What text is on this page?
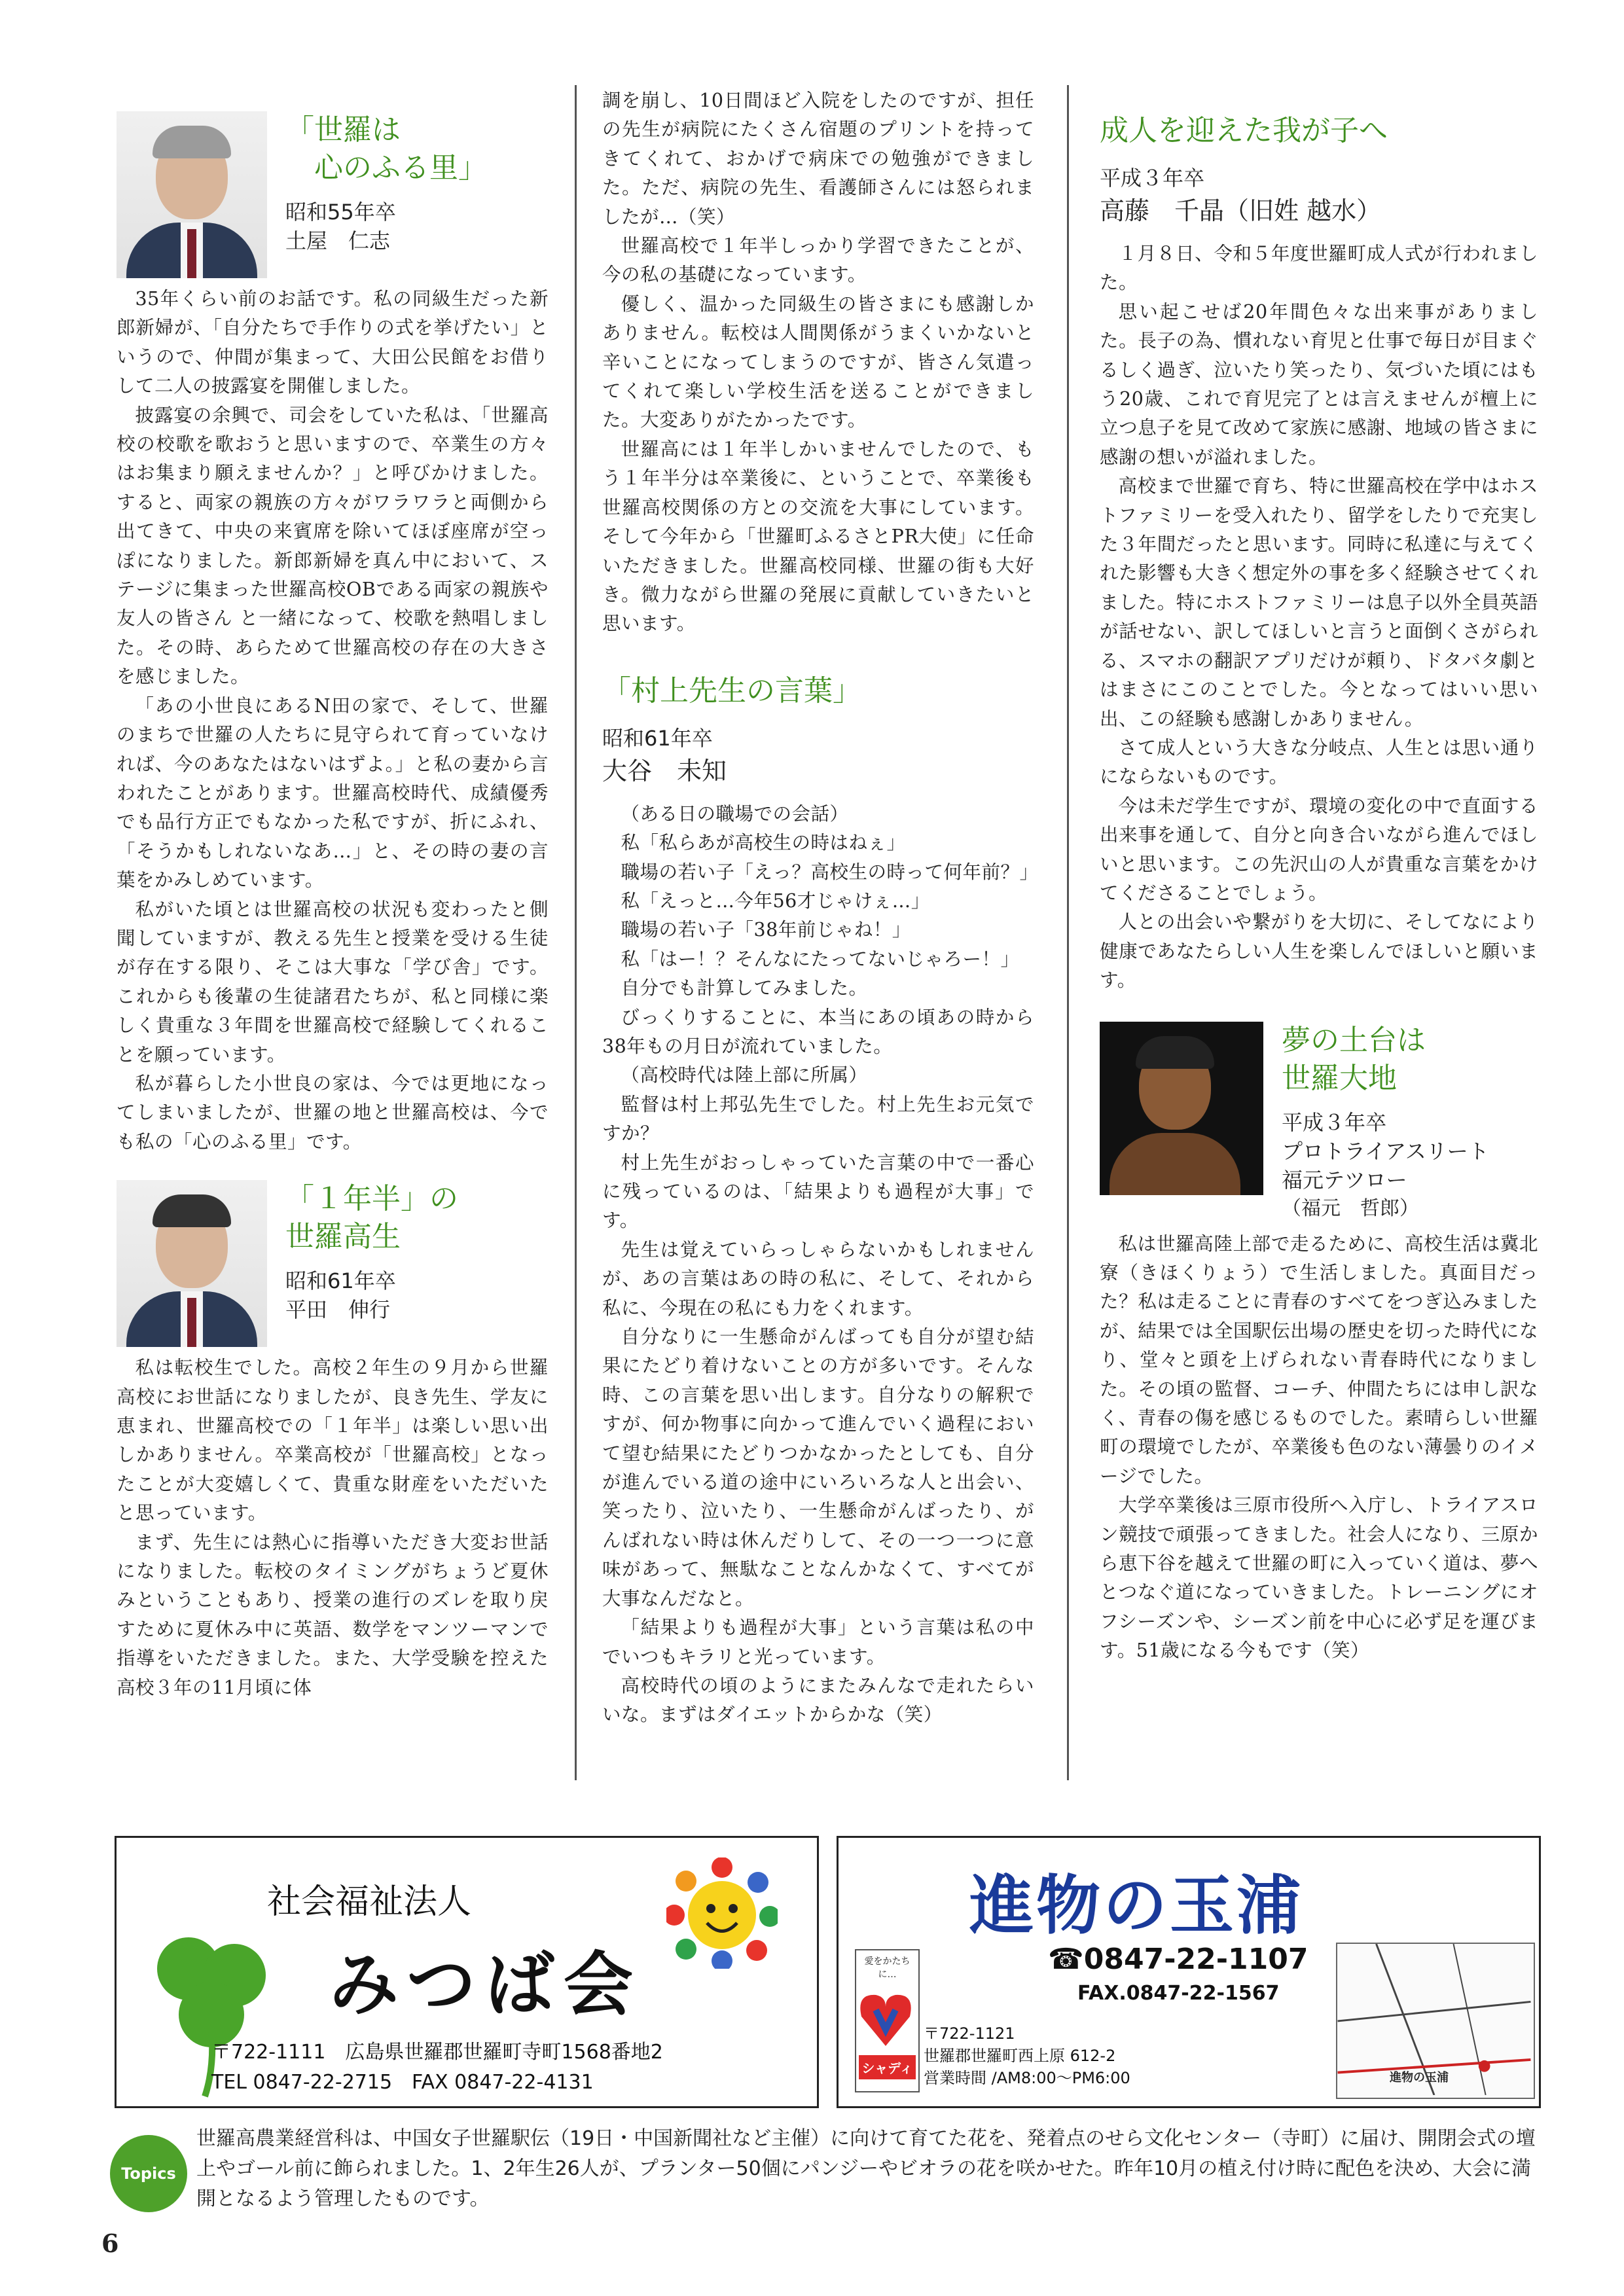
「世羅は
　心のふる里」
昭和55年卒
土屋　仁志

35年くらい前のお話です。私の同級生だった新郎新婦が、「自分たちで手作りの式を挙げたい」というので、仲間が集まって、大田公民館をお借りして二人の披露宴を開催しました。

披露宴の余興で、司会をしていた私は、「世羅高校の校歌を歌おうと思いますので、卒業生の方々はお集まり願えませんか？」と呼びかけました。すると、両家の親族の方々がワラワラと両側から出てきて、中央の来賓席を除いてほぼ座席が空っぽになりました。新郎新婦を真ん中において、ステージに集まった世羅高校OBである両家の親族や友人の皆さん と一緒になって、校歌を熱唱しました。その時、あらためて世羅高校の存在の大きさを感じました。

「あの小世良にあるN田の家で、そして、世羅のまちで世羅の人たちに見守られて育っていなければ、今のあなたはないはずよ。」と私の妻から言われたことがあります。世羅高校時代、成績優秀でも品行方正でもなかった私ですが、折にふれ、「そうかもしれないなあ…」と、その時の妻の言葉をかみしめています。

私がいた頃とは世羅高校の状況も変わったと側聞していますが、教える先生と授業を受ける生徒が存在する限り、そこは大事な「学び舎」です。これからも後輩の生徒諸君たちが、私と同様に楽しく貴重な３年間を世羅高校で経験してくれることを願っています。

私が暮らした小世良の家は、今では更地になってしまいましたが、世羅の地と世羅高校は、今でも私の「心のふる里」です。

「１年半」の
世羅高生
昭和61年卒
平田　伸行

私は転校生でした。高校２年生の９月から世羅高校にお世話になりましたが、良き先生、学友に恵まれ、世羅高校での「１年半」は楽しい思い出しかありません。卒業高校が「世羅高校」となったことが大変嬉しくて、貴重な財産をいただいたと思っています。

まず、先生には熱心に指導いただき大変お世話になりました。転校のタイミングがちょうど夏休みということもあり、授業の進行のズレを取り戻すために夏休み中に英語、数学をマンツーマンで指導をいただきました。また、大学受験を控えた高校３年の11月頃に体

調を崩し、10日間ほど入院をしたのですが、担任の先生が病院にたくさん宿題のプリントを持ってきてくれて、おかげで病床での勉強ができました。ただ、病院の先生、看護師さんには怒られましたが…（笑）

世羅高校で１年半しっかり学習できたことが、今の私の基礎になっています。

優しく、温かった同級生の皆さまにも感謝しかありません。転校は人間関係がうまくいかないと辛いことになってしまうのですが、皆さん気遣ってくれて楽しい学校生活を送ることができました。大変ありがたかったです。

世羅高には１年半しかいませんでしたので、もう１年半分は卒業後に、ということで、卒業後も世羅高校関係の方との交流を大事にしています。そして今年から「世羅町ふるさとPR大使」に任命いただきました。世羅高校同様、世羅の街も大好き。微力ながら世羅の発展に貢献していきたいと思います。

「村上先生の言葉」
昭和61年卒
大谷　未知

（ある日の職場での会話）

私「私らあが高校生の時はねぇ」

職場の若い子「えっ？高校生の時って何年前？」

私「えっと…今年56才じゃけぇ…」

職場の若い子「38年前じゃね！」

私「はー！？そんなにたってないじゃろー！」

自分でも計算してみました。

びっくりすることに、本当にあの頃あの時から38年もの月日が流れていました。

（高校時代は陸上部に所属）

監督は村上邦弘先生でした。村上先生お元気ですか？

村上先生がおっしゃっていた言葉の中で一番心に残っているのは、「結果よりも過程が大事」です。

先生は覚えていらっしゃらないかもしれませんが、あの言葉はあの時の私に、そして、それから私に、今現在の私にも力をくれます。

自分なりに一生懸命がんばっても自分が望む結果にたどり着けないことの方が多いです。そんな時、この言葉を思い出します。自分なりの解釈ですが、何か物事に向かって進んでいく過程において望む結果にたどりつかなかったとしても、自分が進んでいる道の途中にいろいろな人と出会い、笑ったり、泣いたり、一生懸命がんばったり、がんばれない時は休んだりして、その一つ一つに意味があって、無駄なことなんかなくて、すべてが大事なんだなと。

「結果よりも過程が大事」という言葉は私の中でいつもキラリと光っています。

高校時代の頃のようにまたみんなで走れたらいいな。まずはダイエットからかな（笑）

成人を迎えた我が子へ
平成３年卒
高藤　千晶（旧姓 越水）

１月８日、令和５年度世羅町成人式が行われました。

思い起こせば20年間色々な出来事がありました。長子の為、慣れない育児と仕事で毎日が目まぐるしく過ぎ、泣いたり笑ったり、気づいた頃にはもう20歳、これで育児完了とは言えませんが檀上に立つ息子を見て改めて家族に感謝、地域の皆さまに感謝の想いが溢れました。

高校まで世羅で育ち、特に世羅高校在学中はホストファミリーを受入れたり、留学をしたりで充実した３年間だったと思います。同時に私達に与えてくれた影響も大きく想定外の事を多く経験させてくれました。特にホストファミリーは息子以外全員英語が話せない、訳してほしいと言うと面倒くさがられる、スマホの翻訳アプリだけが頼り、ドタバタ劇とはまさにこのことでした。今となってはいい思い出、この経験も感謝しかありません。

さて成人という大きな分岐点、人生とは思い通りにならないものです。

今は未だ学生ですが、環境の変化の中で直面する出来事を通して、自分と向き合いながら進んでほしいと思います。この先沢山の人が貴重な言葉をかけてくださることでしょう。

人との出会いや繋がりを大切に、そしてなにより健康であなたらしい人生を楽しんでほしいと願います。

夢の土台は
世羅大地
平成３年卒
プロトライアスリート
福元テツロー
（福元　哲郎）

私は世羅高陸上部で走るために、高校生活は冀北寮（きほくりょう）で生活しました。真面目だった？私は走ることに青春のすべてをつぎ込みましたが、結果では全国駅伝出場の歴史を切った時代になり、堂々と頭を上げられない青春時代になりました。その頃の監督、コーチ、仲間たちには申し訳なく、青春の傷を感じるものでした。素晴らしい世羅町の環境でしたが、卒業後も色のない薄曇りのイメージでした。

大学卒業後は三原市役所へ入庁し、トライアスロン競技で頑張ってきました。社会人になり、三原から恵下谷を越えて世羅の町に入っていく道は、夢へとつなぐ道になっていきました。トレーニングにオフシーズンや、シーズン前を中心に必ず足を運びます。51歳になる今もです（笑）

社会福祉法人
みつば会
〒722-1111　広島県世羅郡世羅町寺町1568番地2
TEL 0847-22-2715　FAX 0847-22-4131
進物の玉浦
☎0847-22-1107
FAX.0847-22-1567
愛をかたちに…
シャディ
〒722-1121
世羅郡世羅町西上原 612-2
営業時間 /AM8:00～PM6:00	進物の玉浦
Topics
世羅高農業経営科は、中国女子世羅駅伝（19日・中国新聞社など主催）に向けて育てた花を、発着点のせら文化センター（寺町）に届け、開閉会式の壇上やゴール前に飾られました。1、2年生26人が、プランター50個にパンジーやビオラの花を咲かせた。昨年10月の植え付け時に配色を決め、大会に満開となるよう管理したものです。
6
